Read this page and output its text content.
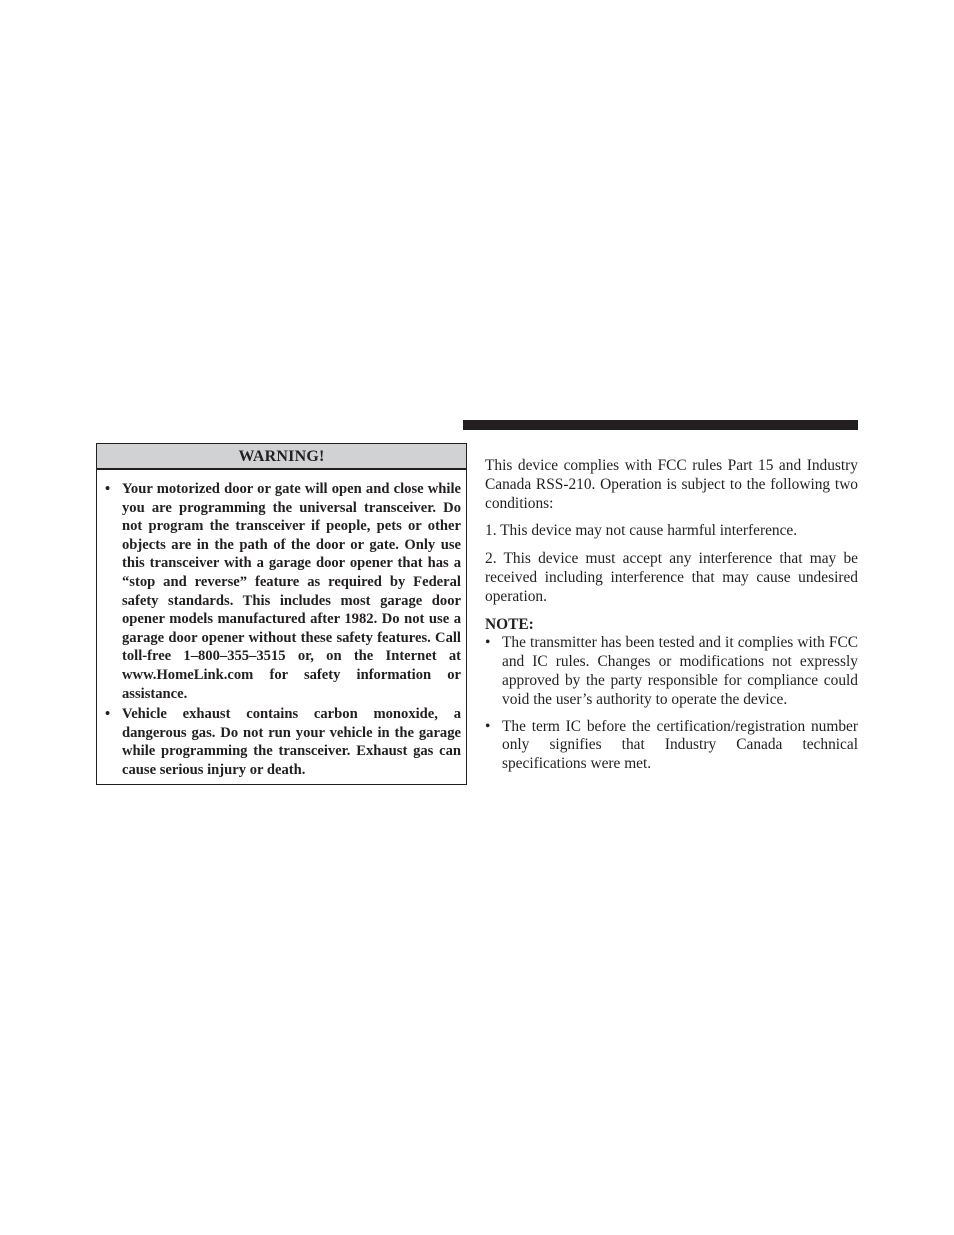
WARNING!
• Your motorized door or gate will open and close while you are programming the universal transceiver. Do not program the transceiver if people, pets or other objects are in the path of the door or gate. Only use this transceiver with a garage door opener that has a “stop and reverse” feature as required by Federal safety standards. This includes most garage door opener models manufactured after 1982. Do not use a garage door opener without these safety features. Call toll-free 1–800–355–3515 or, on the Internet at www.HomeLink.com for safety information or assistance.
• Vehicle exhaust contains carbon monoxide, a dangerous gas. Do not run your vehicle in the garage while programming the transceiver. Exhaust gas can cause serious injury or death.

This device complies with FCC rules Part 15 and Industry Canada RSS-210. Operation is subject to the following two conditions:

1. This device may not cause harmful interference.

2. This device must accept any interference that may be received including interference that may cause undesired operation.

NOTE:

• The transmitter has been tested and it complies with FCC and IC rules. Changes or modifications not expressly approved by the party responsible for compliance could void the user’s authority to operate the device.
• The term IC before the certification/registration number only signifies that Industry Canada technical specifications were met.
